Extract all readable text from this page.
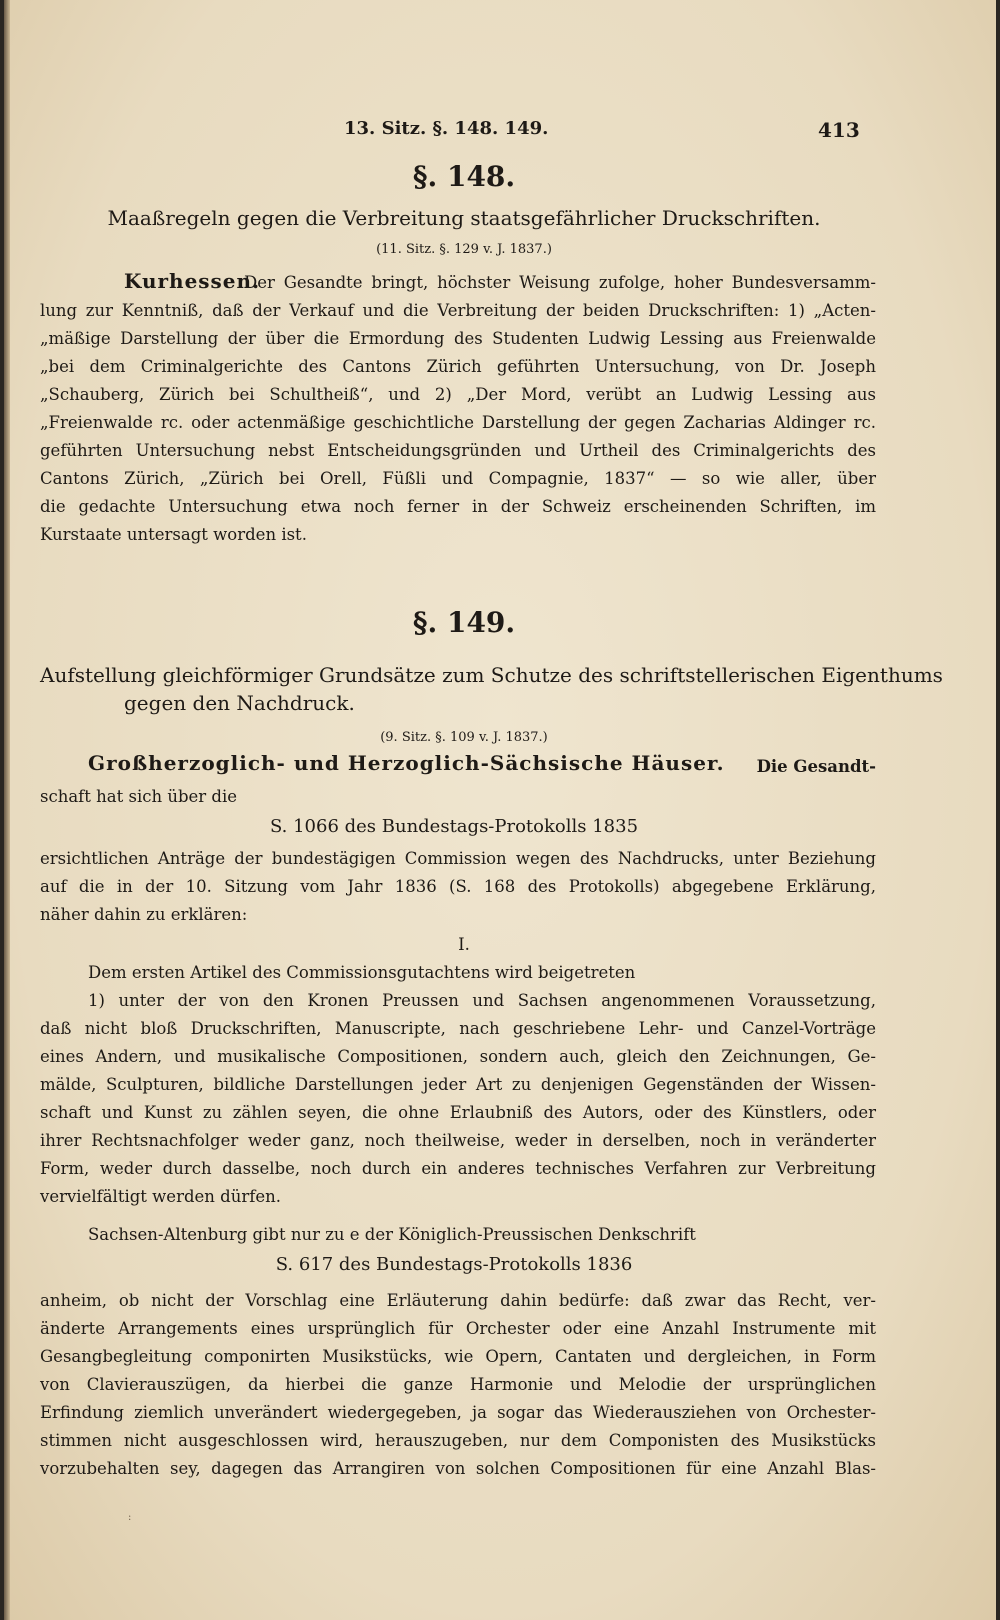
13. Sitz. §. 148. 149.	413
§. 148.
Maaßregeln gegen die Verbreitung staatsgefährlicher Druckschriften.
(11. Sitz. §. 129 v. J. 1837.)
Kurhessen.
Der Gesandte bringt, höchster Weisung zufolge, hoher Bundesversamm-
lung zur Kenntniß, daß der Verkauf und die Verbreitung der beiden Druckschriften: 1) „Acten-
„mäßige Darstellung der über die Ermordung des Studenten Ludwig Lessing aus Freienwalde
„bei dem Criminalgerichte des Cantons Zürich geführten Untersuchung, von Dr. Joseph
„Schauberg, Zürich bei Schultheiß“, und 2) „Der Mord, verübt an Ludwig Lessing aus
„Freienwalde rc. oder actenmäßige geschichtliche Darstellung der gegen Zacharias Aldinger rc.
geführten Untersuchung nebst Entscheidungsgründen und Urtheil des Criminalgerichts des
Cantons Zürich, „Zürich bei Orell, Füßli und Compagnie, 1837“ — so wie aller, über
die gedachte Untersuchung etwa noch ferner in der Schweiz erscheinenden Schriften, im
Kurstaate untersagt worden ist.
§. 149.
Aufstellung gleichförmiger Grundsätze zum Schutze des schriftstellerischen Eigenthums
gegen den Nachdruck.
(9. Sitz. §. 109 v. J. 1837.)
Großherzoglich- und Herzoglich-Sächsische Häuser.	Die Gesandt-
schaft hat sich über die
S. 1066 des Bundestags-Protokolls 1835
ersichtlichen Anträge der bundestägigen Commission wegen des Nachdrucks, unter Beziehung
auf die in der 10. Sitzung vom Jahr 1836 (S. 168 des Protokolls) abgegebene Erklärung,
näher dahin zu erklären:
I.
Dem ersten Artikel des Commissionsgutachtens wird beigetreten
1) unter der von den Kronen Preussen und Sachsen angenommenen Voraussetzung,
daß nicht bloß Druckschriften, Manuscripte, nach geschriebene Lehr- und Canzel-Vorträge
eines Andern, und musikalische Compositionen, sondern auch, gleich den Zeichnungen, Ge-
mälde, Sculpturen, bildliche Darstellungen jeder Art zu denjenigen Gegenständen der Wissen-
schaft und Kunst zu zählen seyen, die ohne Erlaubniß des Autors, oder des Künstlers, oder
ihrer Rechtsnachfolger weder ganz, noch theilweise, weder in derselben, noch in veränderter
Form, weder durch dasselbe, noch durch ein anderes technisches Verfahren zur Verbreitung
vervielfältigt werden dürfen.
Sachsen-Altenburg gibt nur zu e der Königlich-Preussischen Denkschrift
S. 617 des Bundestags-Protokolls 1836
anheim, ob nicht der Vorschlag eine Erläuterung dahin bedürfe: daß zwar das Recht, ver-
änderte Arrangements eines ursprünglich für Orchester oder eine Anzahl Instrumente mit
Gesangbegleitung componirten Musikstücks, wie Opern, Cantaten und dergleichen, in Form
von Clavierauszügen, da hierbei die ganze Harmonie und Melodie der ursprünglichen
Erfindung ziemlich unverändert wiedergegeben, ja sogar das Wiederausziehen von Orchester-
stimmen nicht ausgeschlossen wird, herauszugeben, nur dem Componisten des Musikstücks
vorzubehalten sey, dagegen das Arrangiren von solchen Compositionen für eine Anzahl Blas-
:
